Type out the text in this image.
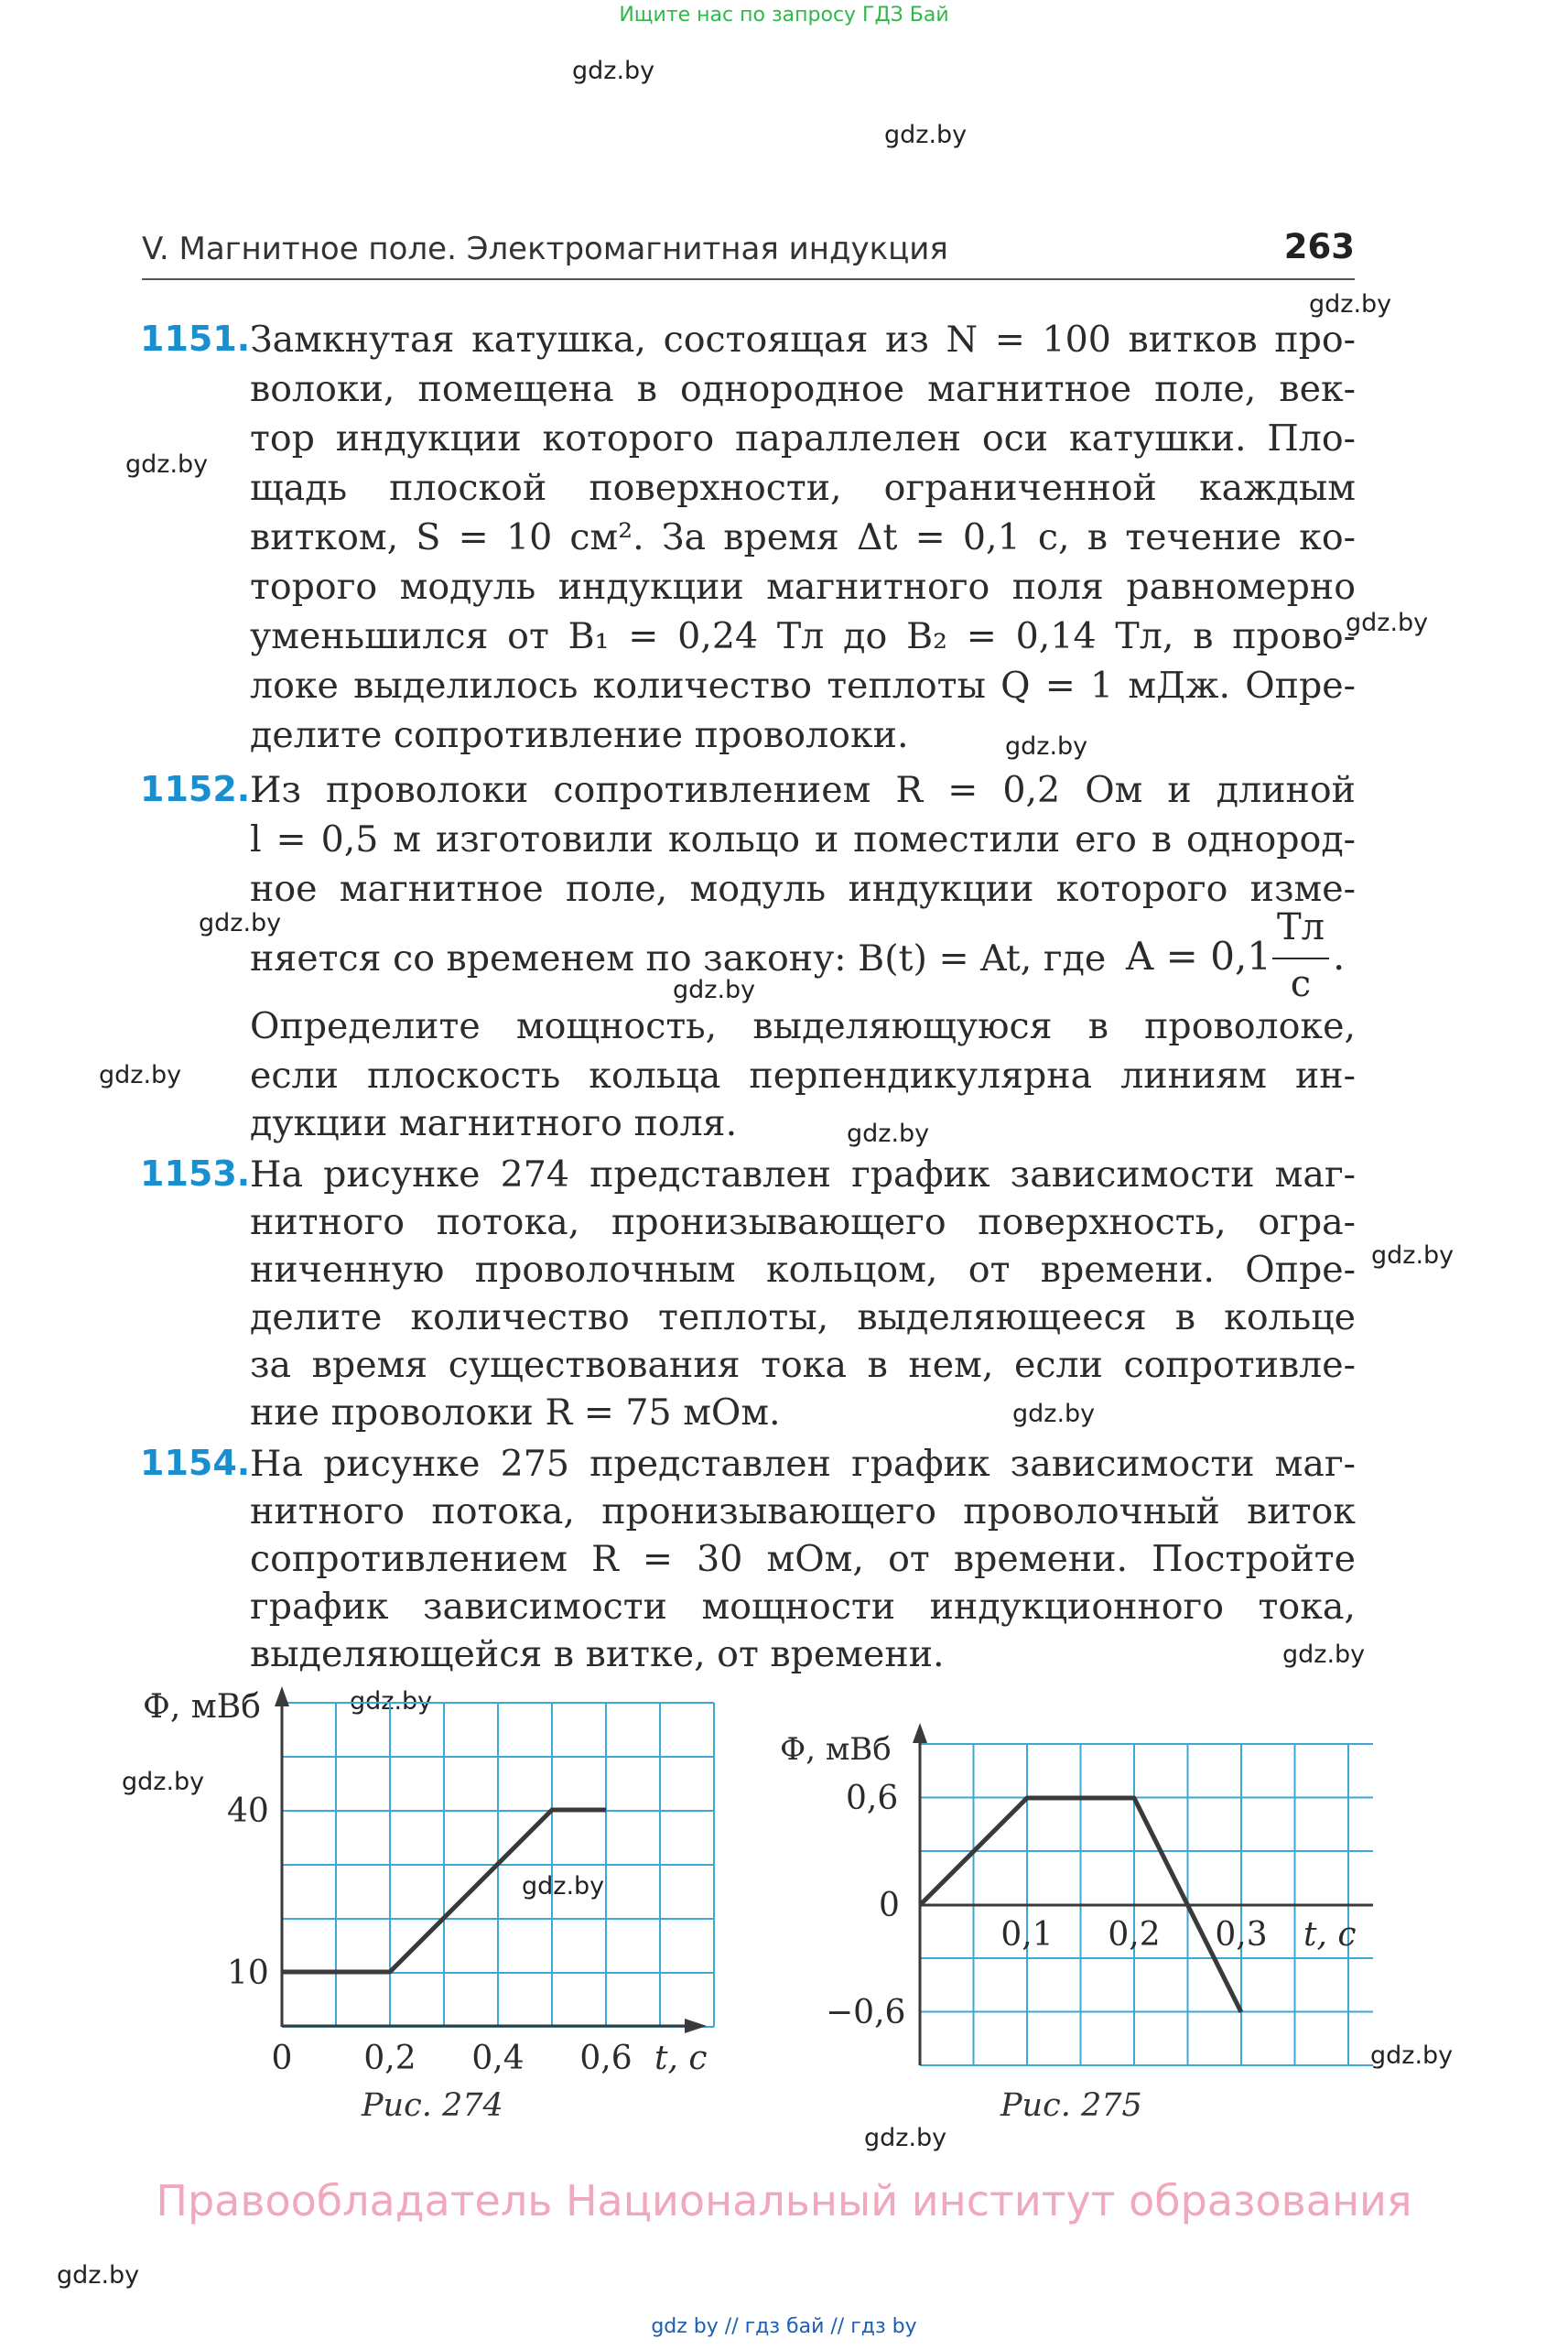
Ищите нас по запросу ГДЗ Бай
gdz.by
gdz.by
gdz.by
gdz.by
gdz.by
gdz.by
gdz.by
gdz.by
gdz.by
gdz.by
gdz.by
gdz.by
gdz.by
gdz.by
gdz.by
gdz.by
gdz.by
gdz.by
gdz.by
V. Магнитное поле. Электромагнитная индукция	263
1151. Замкнутая катушка, состоящая из N = 100 витков про-
волоки, помещена в однородное магнитное поле, век-
тор индукции которого параллелен оси катушки. Пло-
щадь плоской поверхности, ограниченной каждым
витком, S = 10 см². За время Δt = 0,1 с, в течение ко-
торого модуль индукции магнитного поля равномерно
уменьшился от B₁ = 0,24 Тл до B₂ = 0,14 Тл, в прово-
локе выделилось количество теплоты Q = 1 мДж. Опре-
делите сопротивление проволоки.
1152. Из проволоки сопротивлением R = 0,2 Ом и длиной
l = 0,5 м изготовили кольцо и поместили его в однород-
ное магнитное поле, модуль индукции которого изме-
няется со временем по закону: B(t) = At, где A = 0,1
Тл
с
.
Определите мощность, выделяющуюся в проволоке,
если плоскость кольца перпендикулярна линиям ин-
дукции магнитного поля.
1153. На рисунке 274 представлен график зависимости маг-
нитного потока, пронизывающего поверхность, огра-
ниченную проволочным кольцом, от времени. Опре-
делите количество теплоты, выделяющееся в кольце
за время существования тока в нем, если сопротивле-
ние проволоки R = 75 мОм.
1154. На рисунке 275 представлен график зависимости маг-
нитного потока, пронизывающего проволочный виток
сопротивлением R = 30 мОм, от времени. Постройте
график зависимости мощности индукционного тока,
выделяющейся в витке, от времени.
Ф, мВб
40
10
0 0,2 0,4 0,6 t, с
Рис. 274
Ф, мВб
0,6
0
−0,6
0,1 0,2 0,3 t, с
Рис. 275
Правообладатель Национальный институт образования
gdz by // гдз бай // гдз by
